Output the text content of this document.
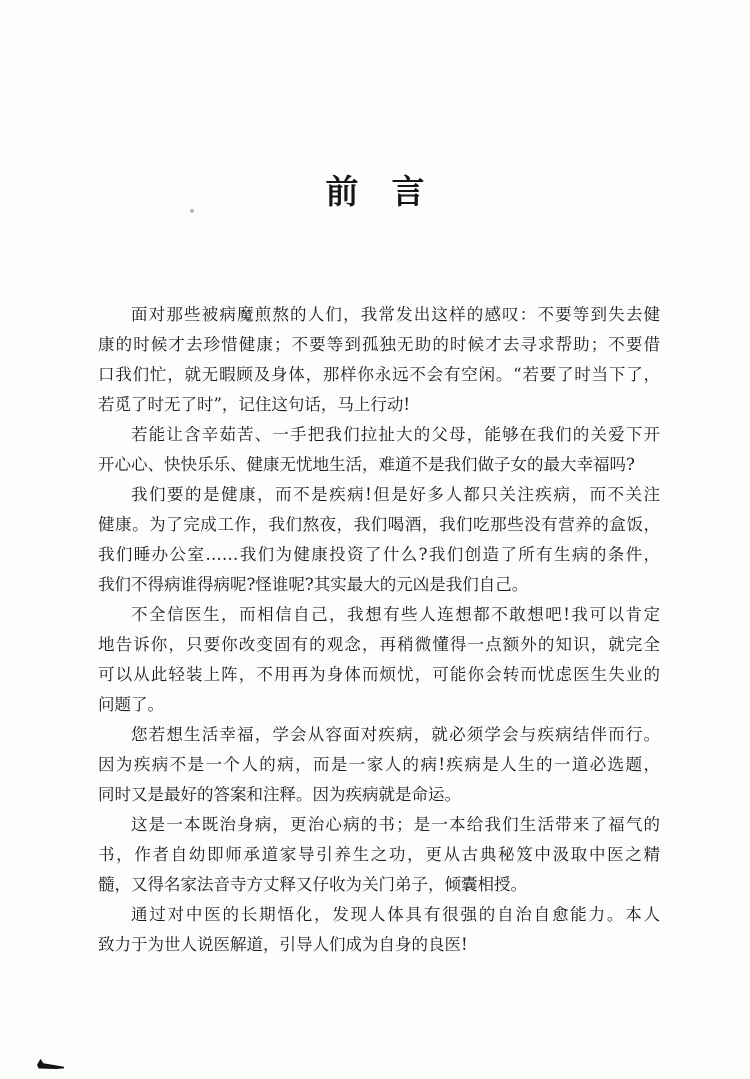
前　言
面对那些被病魔煎熬的人们，我常发出这样的感叹：不要等到失去健
康的时候才去珍惜健康；不要等到孤独无助的时候才去寻求帮助；不要借
口我们忙，就无暇顾及身体，那样你永远不会有空闲。“若要了时当下了，
若觅了时无了时”，记住这句话，马上行动!
若能让含辛茹苦、一手把我们拉扯大的父母，能够在我们的关爱下开
开心心、快快乐乐、健康无忧地生活，难道不是我们做子女的最大幸福吗?
我们要的是健康，而不是疾病!但是好多人都只关注疾病，而不关注
健康。为了完成工作，我们熬夜，我们喝酒，我们吃那些没有营养的盒饭，
我们睡办公室……我们为健康投资了什么?我们创造了所有生病的条件，
我们不得病谁得病呢?怪谁呢?其实最大的元凶是我们自己。
不全信医生，而相信自己，我想有些人连想都不敢想吧!我可以肯定
地告诉你，只要你改变固有的观念，再稍微懂得一点额外的知识，就完全
可以从此轻装上阵，不用再为身体而烦忧，可能你会转而忧虑医生失业的
问题了。
您若想生活幸福，学会从容面对疾病，就必须学会与疾病结伴而行。
因为疾病不是一个人的病，而是一家人的病!疾病是人生的一道必选题，
同时又是最好的答案和注释。因为疾病就是命运。
这是一本既治身病，更治心病的书；是一本给我们生活带来了福气的
书，作者自幼即师承道家导引养生之功，更从古典秘笈中汲取中医之精
髓，又得名家法音寺方丈释又仔收为关门弟子，倾囊相授。
通过对中医的长期悟化，发现人体具有很强的自治自愈能力。本人
致力于为世人说医解道，引导人们成为自身的良医!
